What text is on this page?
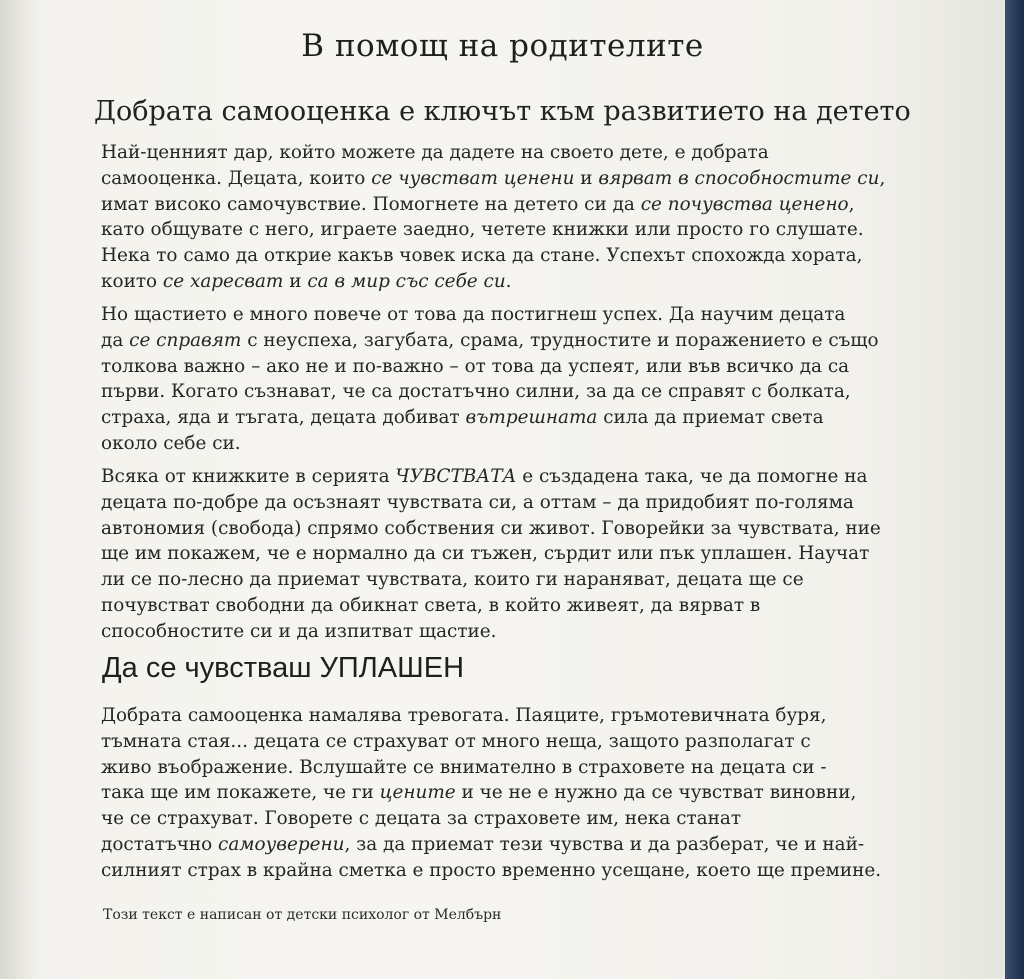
В помощ на родителите
Добрата самооценка е ключът към развитието на детето

Най-ценният дар, който можете да дадете на своето дете, е добрата
самооценка. Децата, които се чувстват ценени и вярват в способностите си,
имат високо самочувствие. Помогнете на детето си да се почувства ценено,
като общувате с него, играете заедно, четете книжки или просто го слушате.
Нека то само да открие какъв човек иска да стане. Успехът спохожда хората,
които се харесват и са в мир със себе си.

Но щастието е много повече от това да постигнеш успех. Да научим децата
да се справят с неуспеха, загубата, срама, трудностите и поражението е също
толкова важно – ако не и по-важно – от това да успеят, или във всичко да са
първи. Когато съзнават, че са достатъчно силни, за да се справят с болката,
страха, яда и тъгата, децата добиват вътрешната сила да приемат света
около себе си.

Всяка от книжките в серията ЧУВСТВАТА е създадена така, че да помогне на
децата по-добре да осъзнаят чувствата си, а оттам – да придобият по-голяма
автономия (свобода) спрямо собствения си живот. Говорейки за чувствата, ние
ще им покажем, че е нормално да си тъжен, сърдит или пък уплашен. Научат
ли се по-лесно да приемат чувствата, които ги нараняват, децата ще се
почувстват свободни да обикнат света, в който живеят, да вярват в
способностите си и да изпитват щастие.

Да се чувстваш УПЛАШЕН

Добрата самооценка намалява тревогата. Паяците, гръмотевичната буря,
тъмната стая... децата се страхуват от много неща, защото разполагат с
живо въображение. Вслушайте се внимателно в страховете на децата си -
така ще им покажете, че ги цените и че не е нужно да се чувстват виновни,
че се страхуват. Говорете с децата за страховете им, нека станат
достатъчно самоуверени, за да приемат тези чувства и да разберат, че и най-
силният страх в крайна сметка е просто временно усещане, което ще премине.

Този текст е написан от детски психолог от Мелбърн
